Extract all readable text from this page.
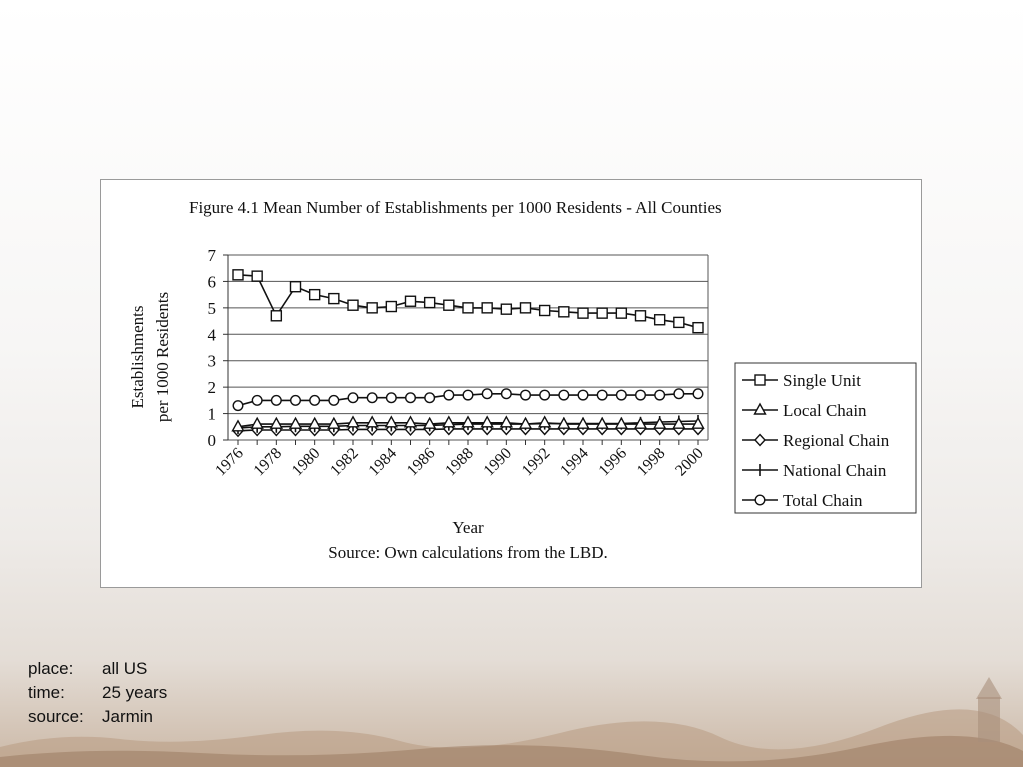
Figure 4.1 Mean Number of Establishments per 1000 Residents - All Counties
Establishments per 1000 Residents
0
1
2
3
4
5
6
7
1976 1978 1980 1982 1984 1986 1988 1990 1992 1994 1996 1998 2000
Year
Source: Own calculations from the LBD.
Single Unit
Local Chain
Regional Chain
National Chain
Total Chain
place:	all US
time:	25 years
source:	Jarmin
